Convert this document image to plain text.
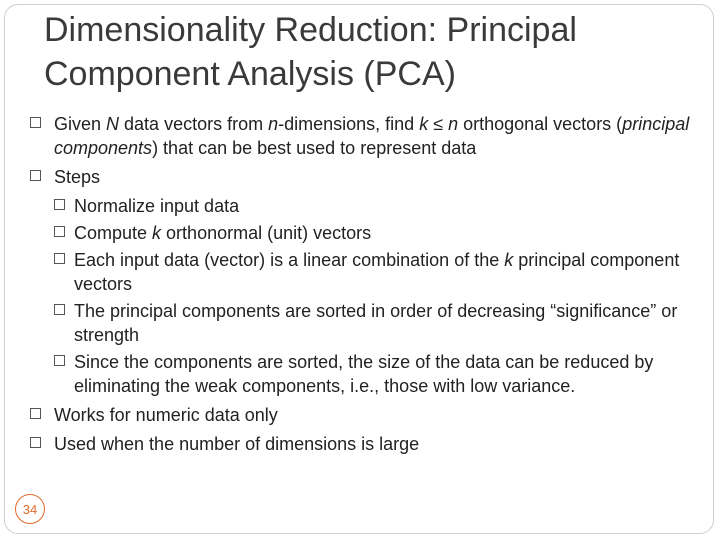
Dimensionality Reduction: Principal Component Analysis (PCA)
Given N data vectors from n-dimensions, find k ≤ n orthogonal vectors (principal components) that can be best used to represent data
Steps
Normalize input data
Compute k orthonormal (unit) vectors
Each input data (vector) is a linear combination of the k principal component vectors
The principal components are sorted in order of decreasing “significance” or strength
Since the components are sorted, the size of the data can be reduced by eliminating the weak components, i.e., those with low variance.
Works for numeric data only
Used when the number of dimensions is large
34
